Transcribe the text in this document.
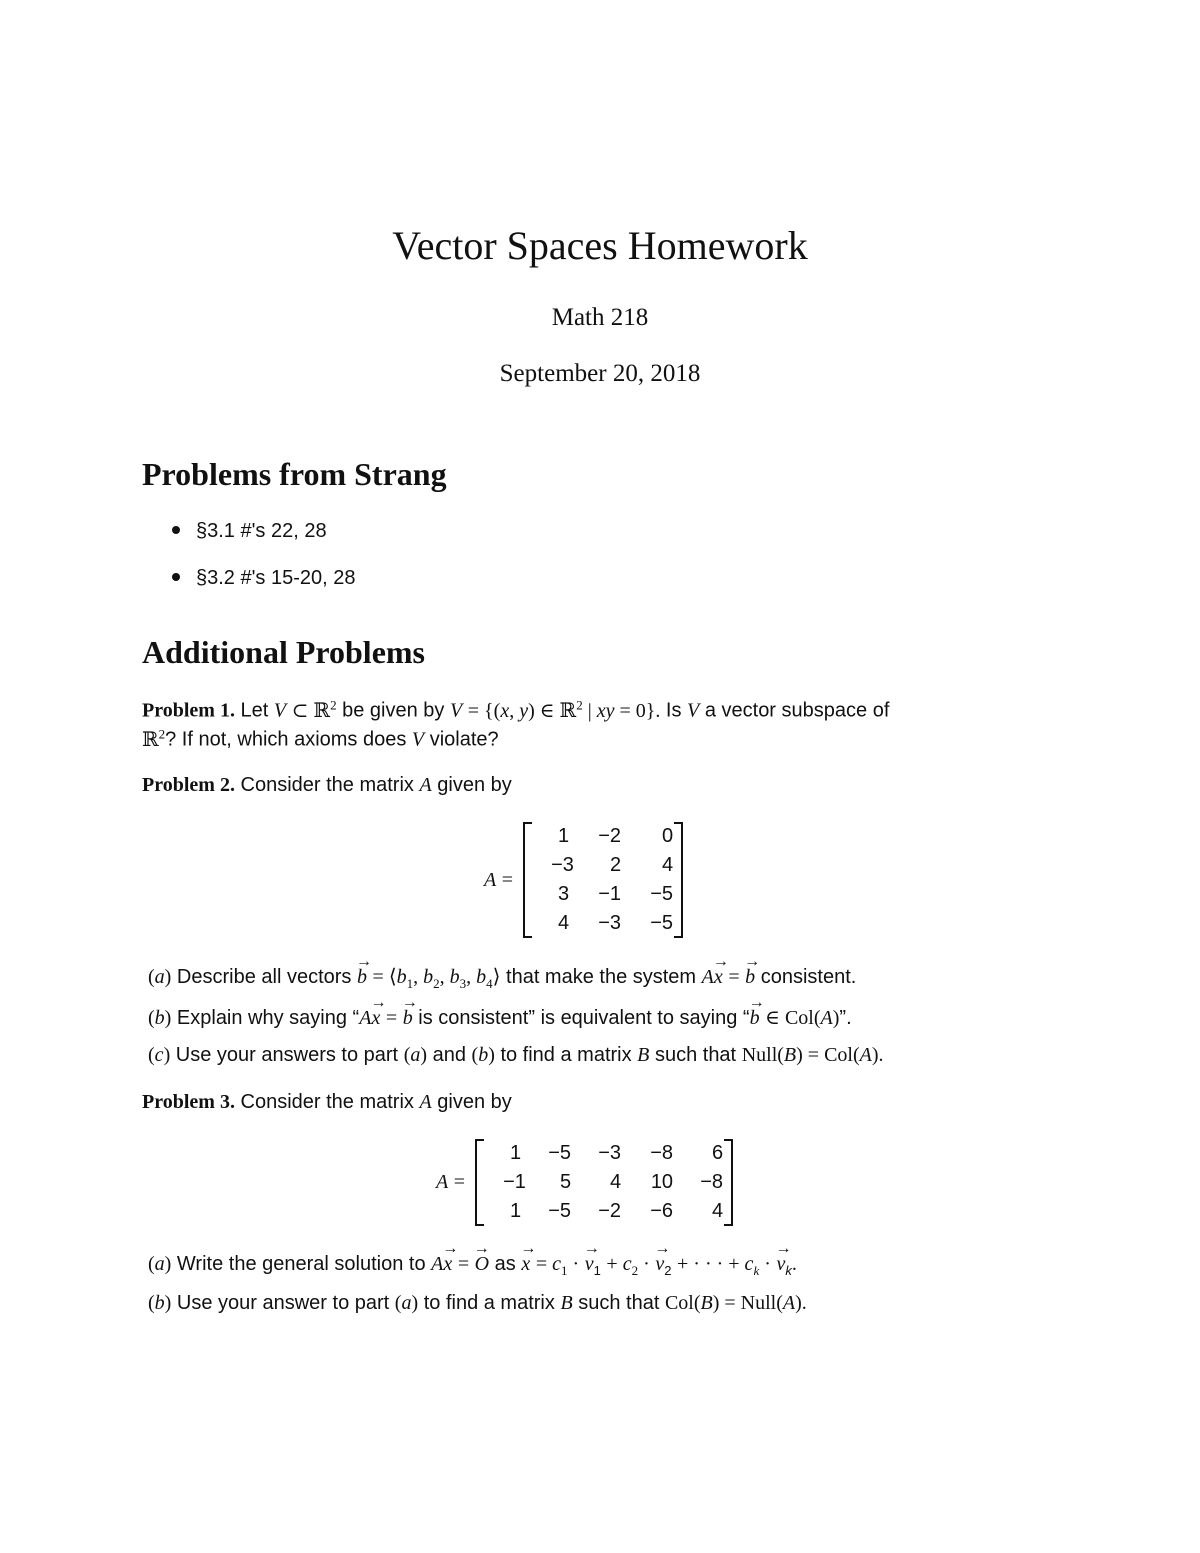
Vector Spaces Homework
Math 218
September 20, 2018
Problems from Strang
§3.1 #'s 22, 28
§3.2 #'s 15-20, 28
Additional Problems
Problem 1. Let V ⊂ ℝ$^2$ be given by V = {(x, y) ∈ ℝ$^2$ | xy = 0}. Is V a vector subspace of
ℝ$^2$? If not, which axioms does V violate?
Problem 2. Consider the matrix A given by
A =
1	−2	0
−3	2	4
3	−1	−5
4	−3	−5
(a) Describe all vectors → $b = ⟨b_1$, $b_2$, $b_3$, $b_4⟩$ that make the system A→ x = → b consistent.
(b) Explain why saying “A→ x = → b is consistent” is equivalent to saying “→ b ∈ Col(A)”.
(c) Use your answers to part (a) and (b) to find a matrix B such that Null(B) = Col(A).
Problem 3. Consider the matrix A given by
A =
1	−5	−3	−8	6
−1	5	4	10	−8
1	−5	−2	−6	4
(a) Write the general solution to A→ x = → O as → $x = c_1$ · → $v_1 + c_2$ · → $v_2$ + · · · + $c_k$ · → $v_k$.
(b) Use your answer to part (a) to find a matrix B such that Col(B) = Null(A).
